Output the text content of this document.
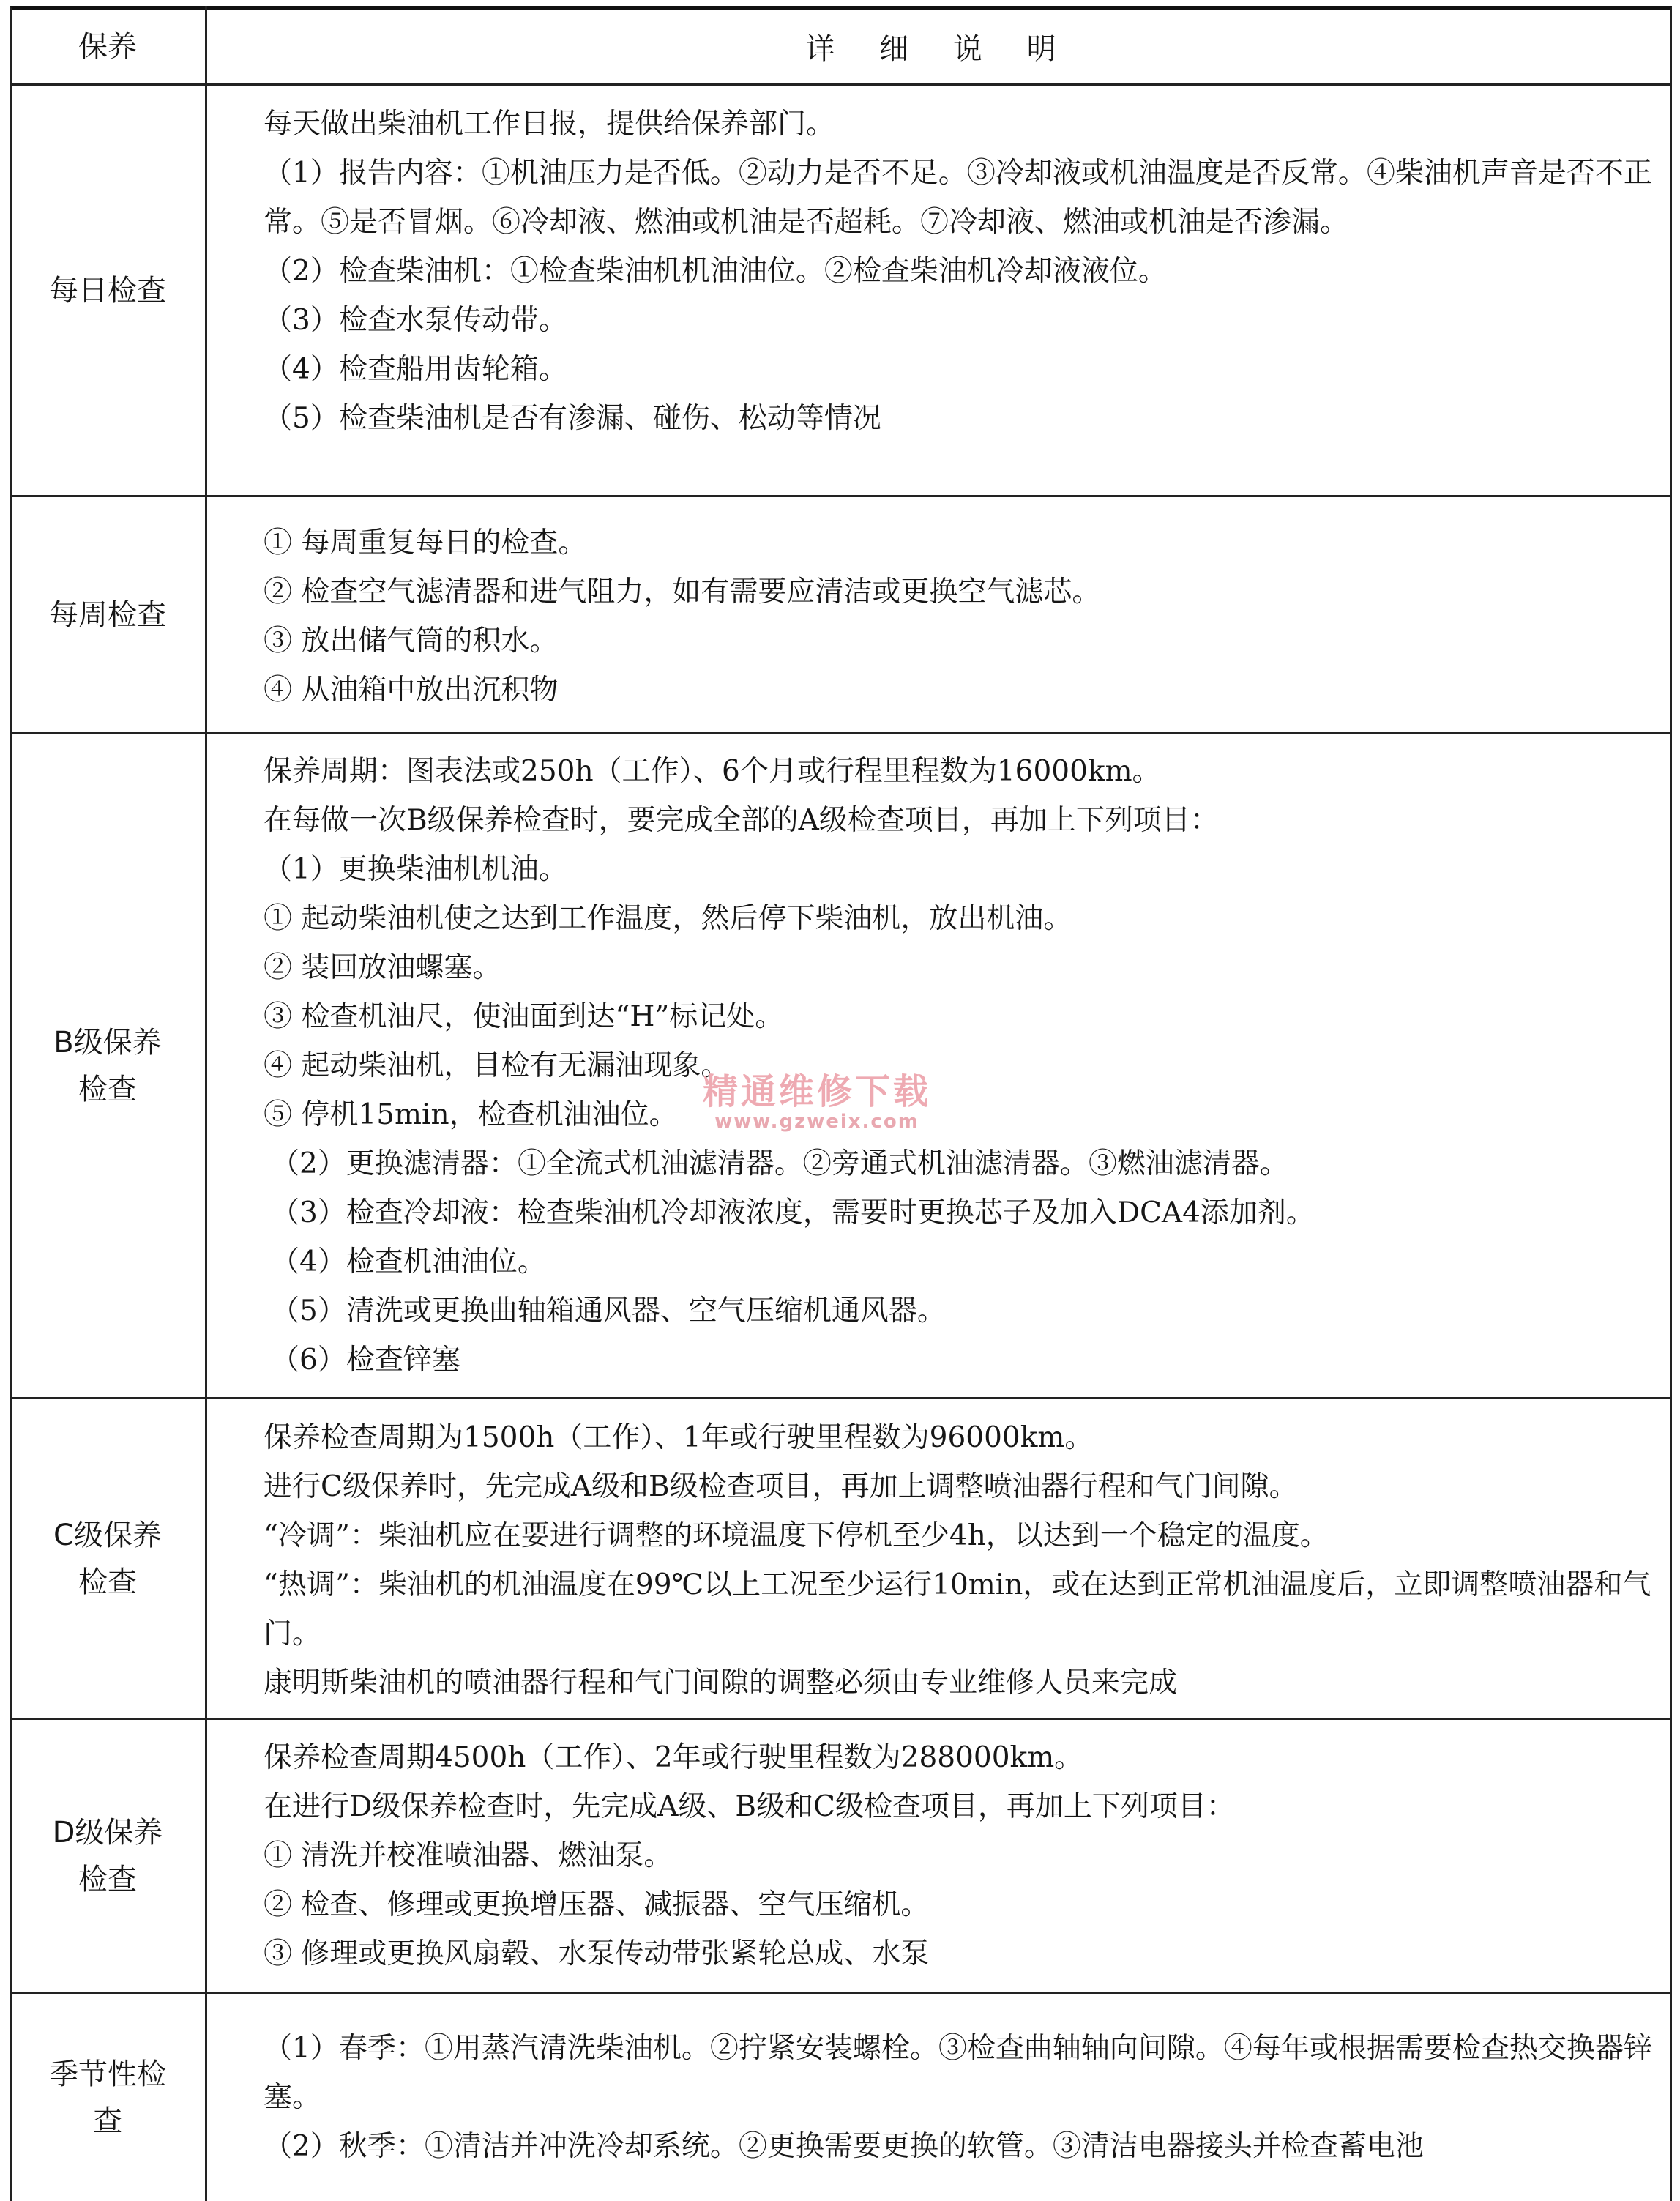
保养	详 细 说 明
每日检查

每天做出柴油机工作日报，提供给保养部门。

（1）报告内容：①机油压力是否低。②动力是否不足。③冷却液或机油温度是否反常。④柴油机声音是否不正常。⑤是否冒烟。⑥冷却液、燃油或机油是否超耗。⑦冷却液、燃油或机油是否渗漏。

（2）检查柴油机：①检查柴油机机油油位。②检查柴油机冷却液液位。

（3）检查水泵传动带。

（4）检查船用齿轮箱。

（5）检查柴油机是否有渗漏、碰伤、松动等情况

每周检查

① 每周重复每日的检查。

② 检查空气滤清器和进气阻力，如有需要应清洁或更换空气滤芯。

③ 放出储气筒的积水。

④ 从油箱中放出沉积物

B级保养
检查

保养周期：图表法或250h（工作）、6个月或行程里程数为16000km。

在每做一次B级保养检查时，要完成全部的A级检查项目，再加上下列项目：

（1）更换柴油机机油。

① 起动柴油机使之达到工作温度，然后停下柴油机，放出机油。

② 装回放油螺塞。

③ 检查机油尺，使油面到达“H”标记处。

④ 起动柴油机，目检有无漏油现象。

⑤ 停机15min，检查机油油位。

（2）更换滤清器：①全流式机油滤清器。②旁通式机油滤清器。③燃油滤清器。

（3）检查冷却液：检查柴油机冷却液浓度，需要时更换芯子及加入DCA4添加剂。

（4）检查机油油位。

（5）清洗或更换曲轴箱通风器、空气压缩机通风器。

（6）检查锌塞

C级保养
检查

保养检查周期为1500h（工作）、1年或行驶里程数为96000km。

进行C级保养时，先完成A级和B级检查项目，再加上调整喷油器行程和气门间隙。

“冷调”：柴油机应在要进行调整的环境温度下停机至少4h，以达到一个稳定的温度。

“热调”：柴油机的机油温度在99℃以上工况至少运行10min，或在达到正常机油温度后，立即调整喷油器和气门。

康明斯柴油机的喷油器行程和气门间隙的调整必须由专业维修人员来完成

D级保养
检查

保养检查周期4500h（工作）、2年或行驶里程数为288000km。

在进行D级保养检查时，先完成A级、B级和C级检查项目，再加上下列项目：

① 清洗并校准喷油器、燃油泵。

② 检查、修理或更换增压器、减振器、空气压缩机。

③ 修理或更换风扇毂、水泵传动带张紧轮总成、水泵

季节性检
查

（1）春季：①用蒸汽清洗柴油机。②拧紧安装螺栓。③检查曲轴轴向间隙。④每年或根据需要检查热交换器锌塞。

（2）秋季：①清洁并冲洗冷却系统。②更换需要更换的软管。③清洁电器接头并检查蓄电池

精通维修下载
www.gzweix.com
